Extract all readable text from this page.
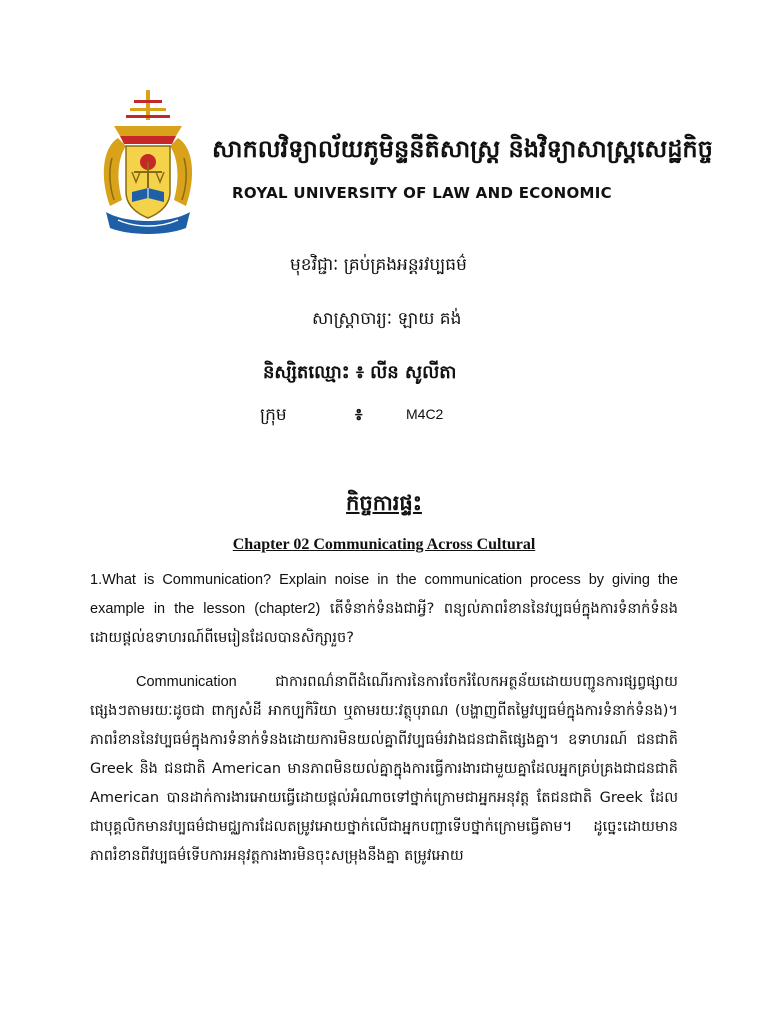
សាកលវិទ្យាល័យភូមិន្ទនីតិសាស្ត្រ និងវិទ្យាសាស្ត្រសេដ្ឋកិច្ច
ROYAL UNIVERSITY OF LAW AND ECONOMIC
មុខវិជ្ជាៈ គ្រប់គ្រងអន្តរវប្បធម៌
សាស្ត្រាចារ្យៈ ឡាយ គង់
និស្សិតឈ្មោះ ៖ លីន សូលីតា
ក្រុម	៖	M4C2
កិច្ចការផ្ទះ
Chapter 02 Communicating Across Cultural
1.What is Communication? Explain noise in the communication process by giving the example in the lesson (chapter2) តើទំនាក់ទំនងជាអ្វី? ពន្យល់ភាពរំខាននៃវប្បធម៌ក្នុងការទំនាក់ទំនងដោយផ្តល់ឧទាហរណ៍ពីមេរៀនដែលបានសិក្សារួច?
Communication	ជាការពណ៌នាពីដំណើរការនៃការចែករំលែកអត្ថន័យដោយបញ្ជូនការផ្សព្វផ្សាយ ផ្សេងៗតាមរយៈដូចជា ពាក្យសំដី អាកប្បកិរិយា ឬតាមរយៈវត្ថុបុរាណ (បង្ហាញពីតម្លៃវប្បធម៌ក្នុងការទំនាក់ទំនង)។ ភាពរំខាននៃវប្បធម៌ក្នុងការទំនាក់ទំនងដោយការមិនយល់គ្នាពីវប្បធម៌រវាងជនជាតិផ្សេងគ្នា។ ឧទាហរណ៍ ជនជាតិ Greek និង ជនជាតិ American មានភាពមិនយល់គ្នាក្នុងការធ្វើការងារជាមួយគ្នាដែលអ្នកគ្រប់គ្រងជាជនជាតិ American បានដាក់ការងារអោយធ្វើដោយផ្តល់អំណាចទៅថ្នាក់ក្រោមជាអ្នកអនុវត្ត តែជនជាតិ Greek ដែលជាបុគ្គលិកមានវប្បធម៌ជាមជ្ឈការដែលតម្រូវអោយថ្នាក់លើជាអ្នកបញ្ជាទើបថ្នាក់ក្រោមធ្វើតាម។ ដូច្នេះដោយមានភាពរំខានពីវប្បធម៌ទើបការអនុវត្តការងារមិនចុះសម្រុងនឹងគ្នា តម្រូវអោយ
